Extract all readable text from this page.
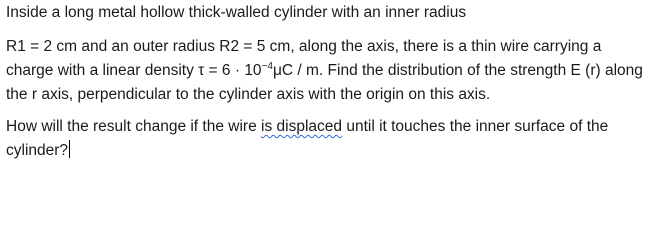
Inside a long metal hollow thick-walled cylinder with an inner radius

R1 = 2 cm and an outer radius R2 = 5 cm, along the axis, there is a thin wire carrying a charge with a linear density $\tau = 6 \cdot 10^{-4}\mu C / m$. Find the distribution of the strength E (r) along the r axis, perpendicular to the cylinder axis with the origin on this axis.

How will the result change if the wire is displaced until it touches the inner surface of the cylinder?
